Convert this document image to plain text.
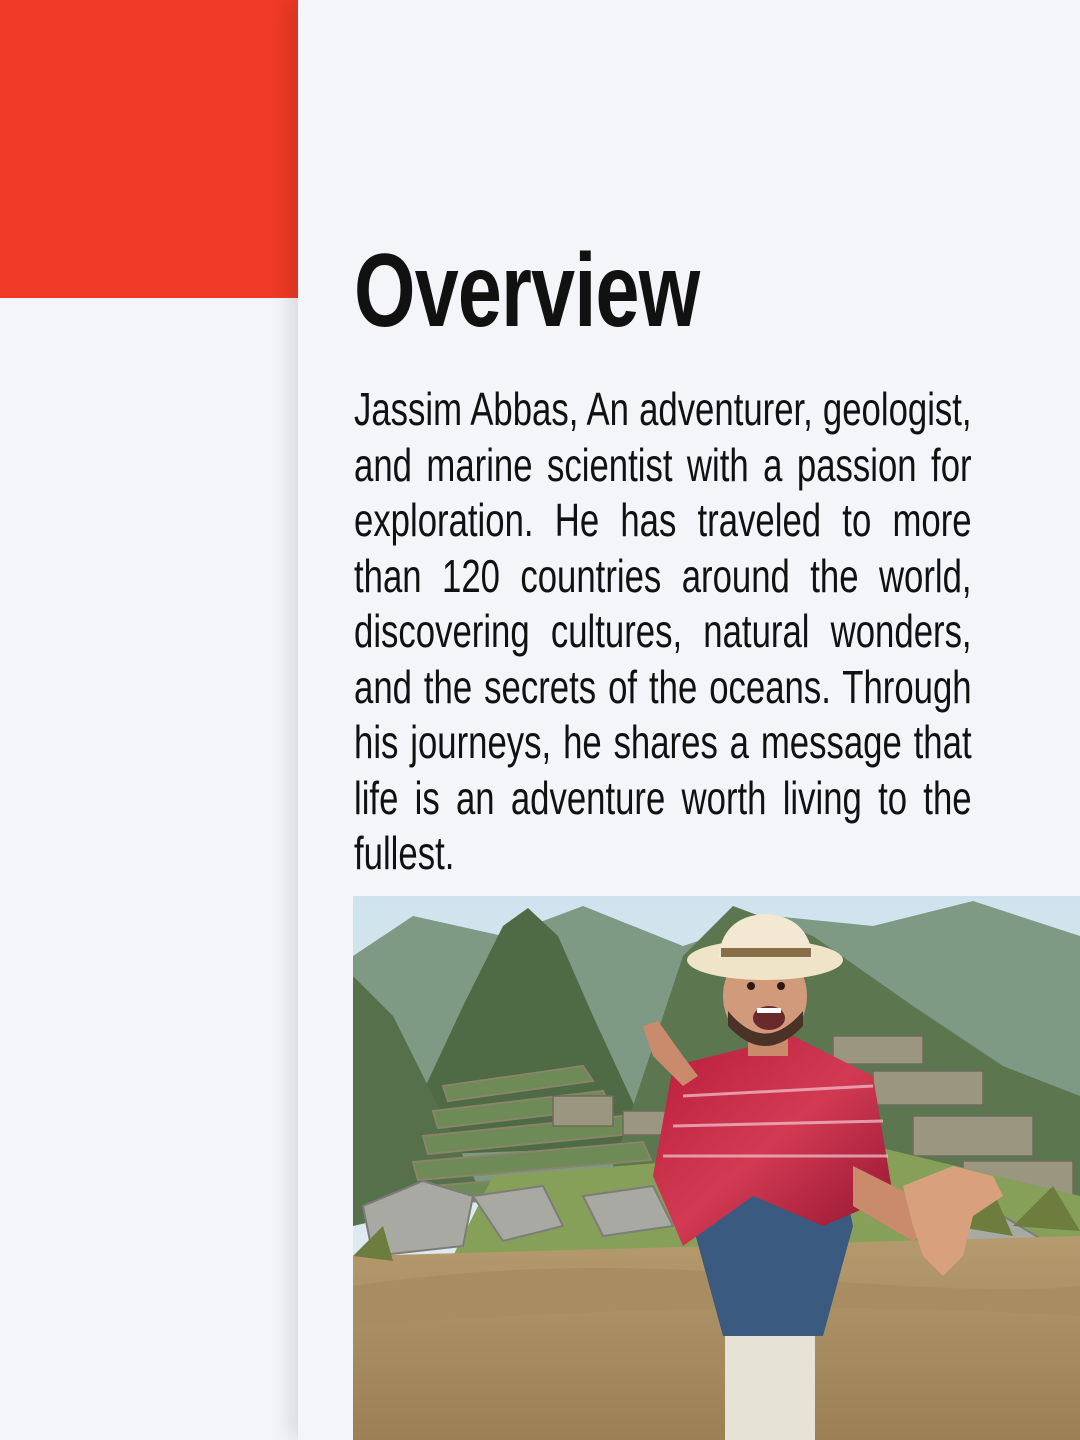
Overview

Jassim Abbas, An adventurer, geologist, and marine scientist with a passion for exploration. He has traveled to more than 120 countries around the world, discovering cultures, natural wonders, and the secrets of the oceans. Through his journeys, he shares a message that life is an adventure worth living to the fullest.
